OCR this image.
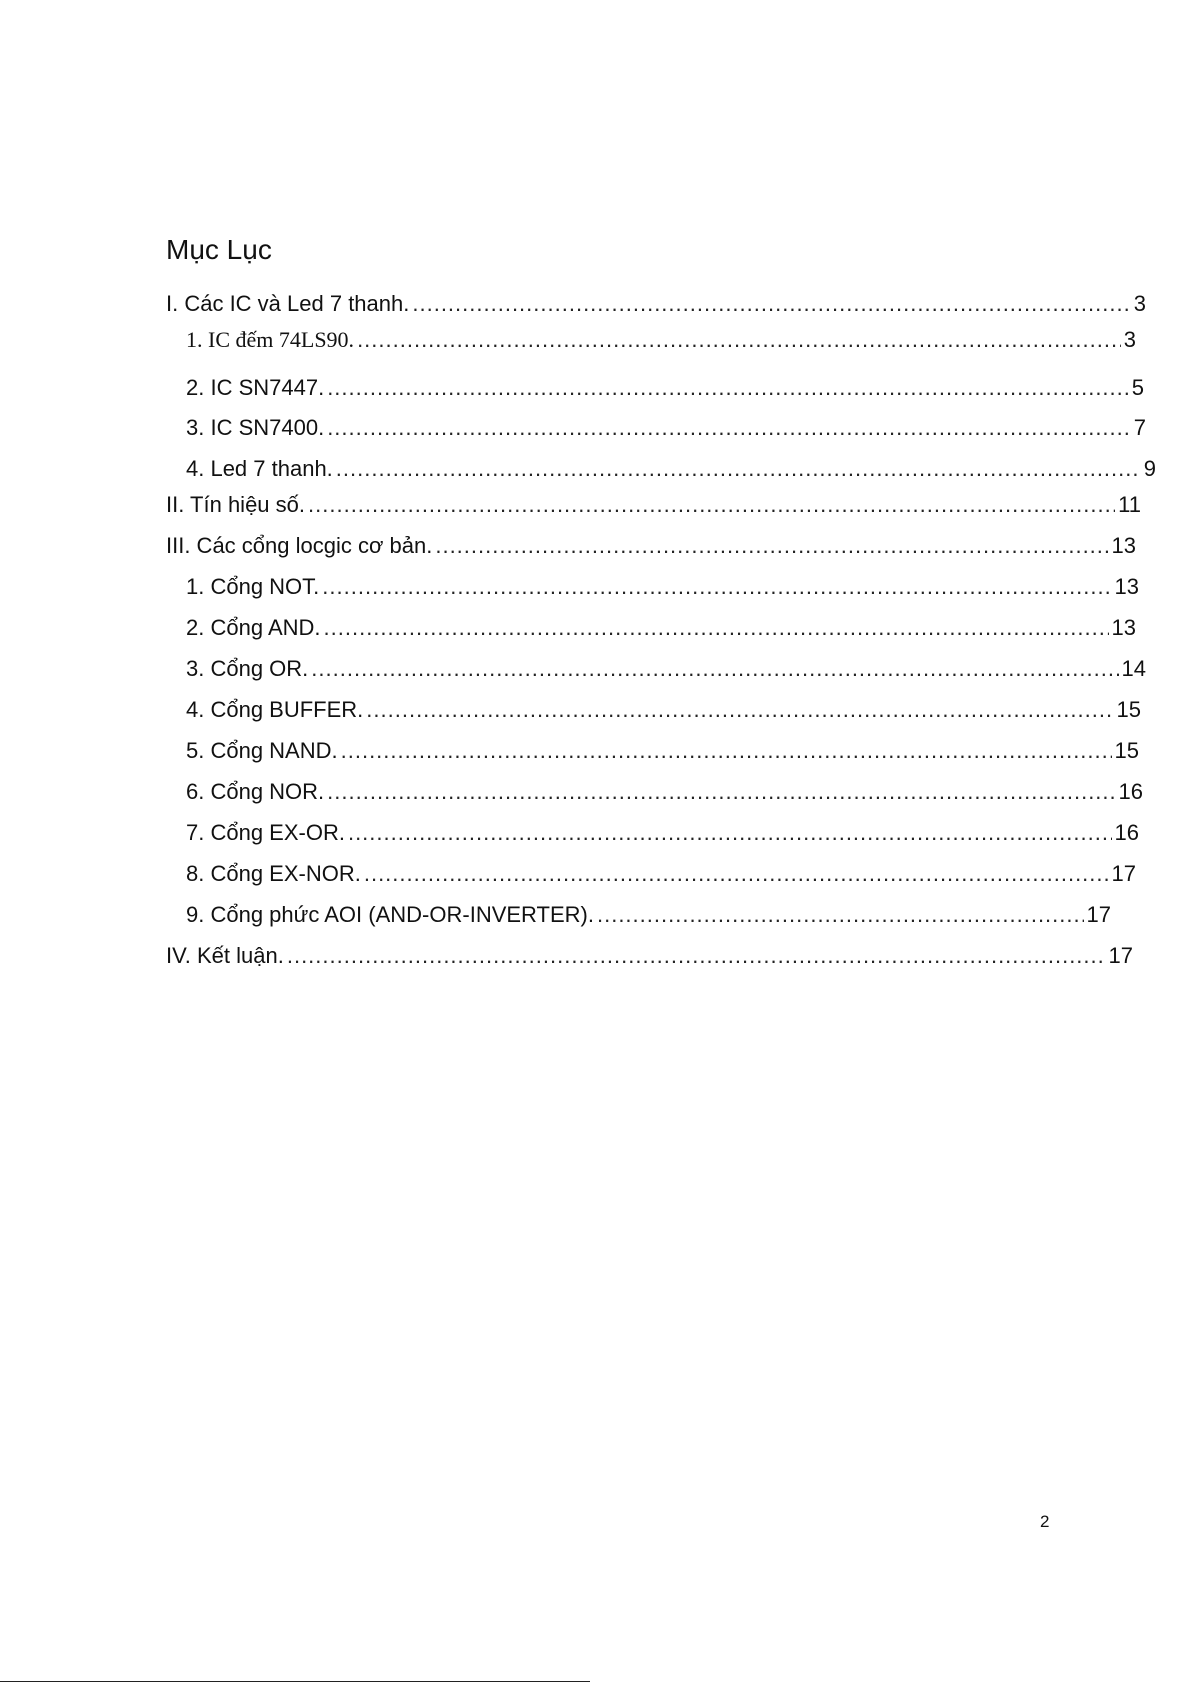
Mục Lục
I. Các IC và Led 7 thanh. .....	3
1. IC đếm 74LS90. .....	3
2. IC SN7447. .....	5
3. IC SN7400. .....	7
4. Led 7 thanh. .....	9
II. Tín hiệu số. .....	11
III. Các cổng locgic cơ bản. .....	13
1. Cổng NOT. .....	13
2. Cổng AND. .....	13
3. Cổng OR. .....	14
4. Cổng BUFFER. .....	15
5. Cổng NAND. .....	15
6. Cổng NOR. .....	16
7. Cổng EX-OR. .....	16
8. Cổng EX-NOR. .....	17
9. Cổng phức AOI (AND-OR-INVERTER). .....	17
IV. Kết luận. .....	17
2
